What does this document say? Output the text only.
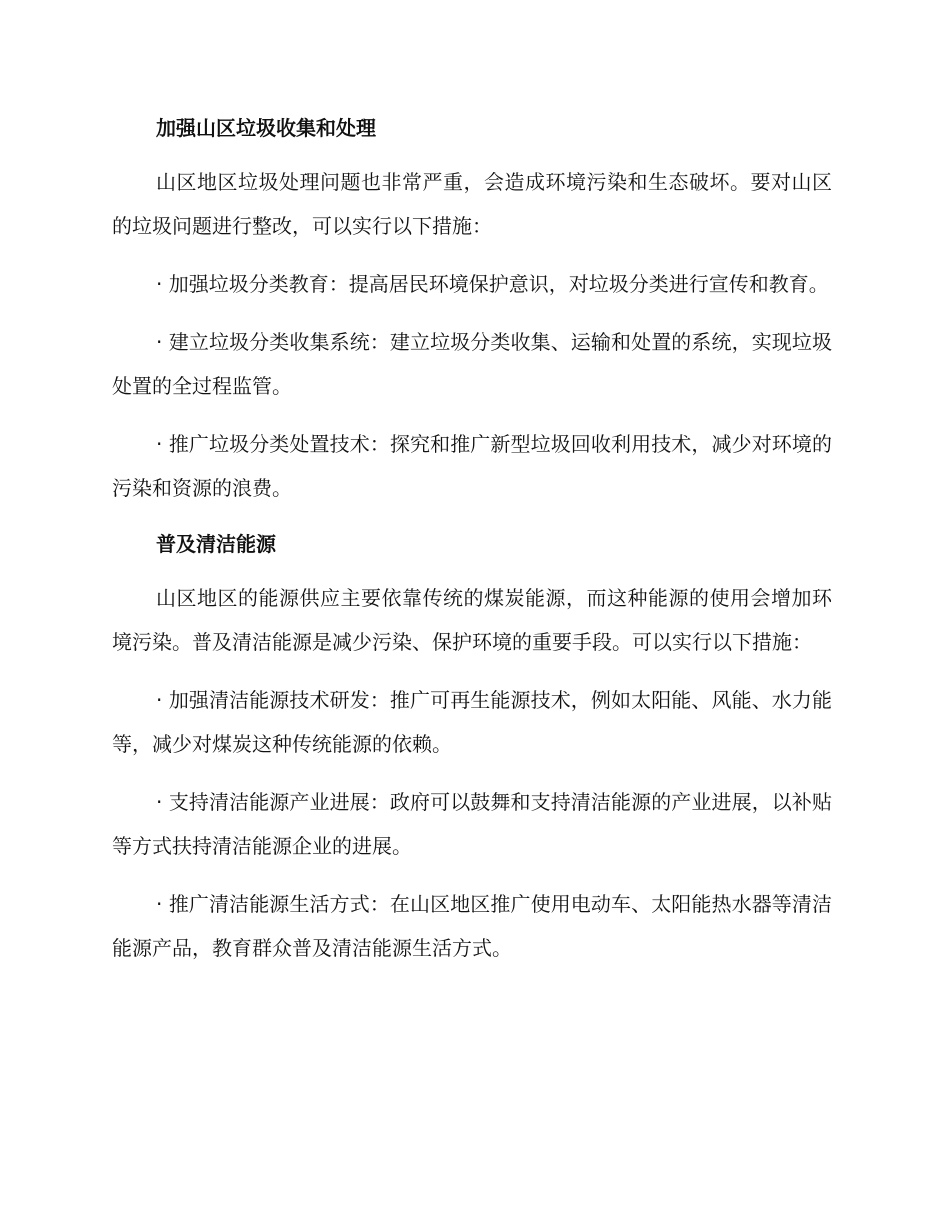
加强山区垃圾收集和处理

山区地区垃圾处理问题也非常严重，会造成环境污染和生态破坏。要对山区的垃圾问题进行整改，可以实行以下措施：

· 加强垃圾分类教育：提高居民环境保护意识，对垃圾分类进行宣传和教育。

· 建立垃圾分类收集系统：建立垃圾分类收集、运输和处置的系统，实现垃圾处置的全过程监管。

· 推广垃圾分类处置技术：探究和推广新型垃圾回收利用技术，减少对环境的污染和资源的浪费。

普及清洁能源

山区地区的能源供应主要依靠传统的煤炭能源，而这种能源的使用会增加环境污染。普及清洁能源是减少污染、保护环境的重要手段。可以实行以下措施：

· 加强清洁能源技术研发：推广可再生能源技术，例如太阳能、风能、水力能等，减少对煤炭这种传统能源的依赖。

· 支持清洁能源产业进展：政府可以鼓舞和支持清洁能源的产业进展，以补贴等方式扶持清洁能源企业的进展。

· 推广清洁能源生活方式：在山区地区推广使用电动车、太阳能热水器等清洁能源产品，教育群众普及清洁能源生活方式。
